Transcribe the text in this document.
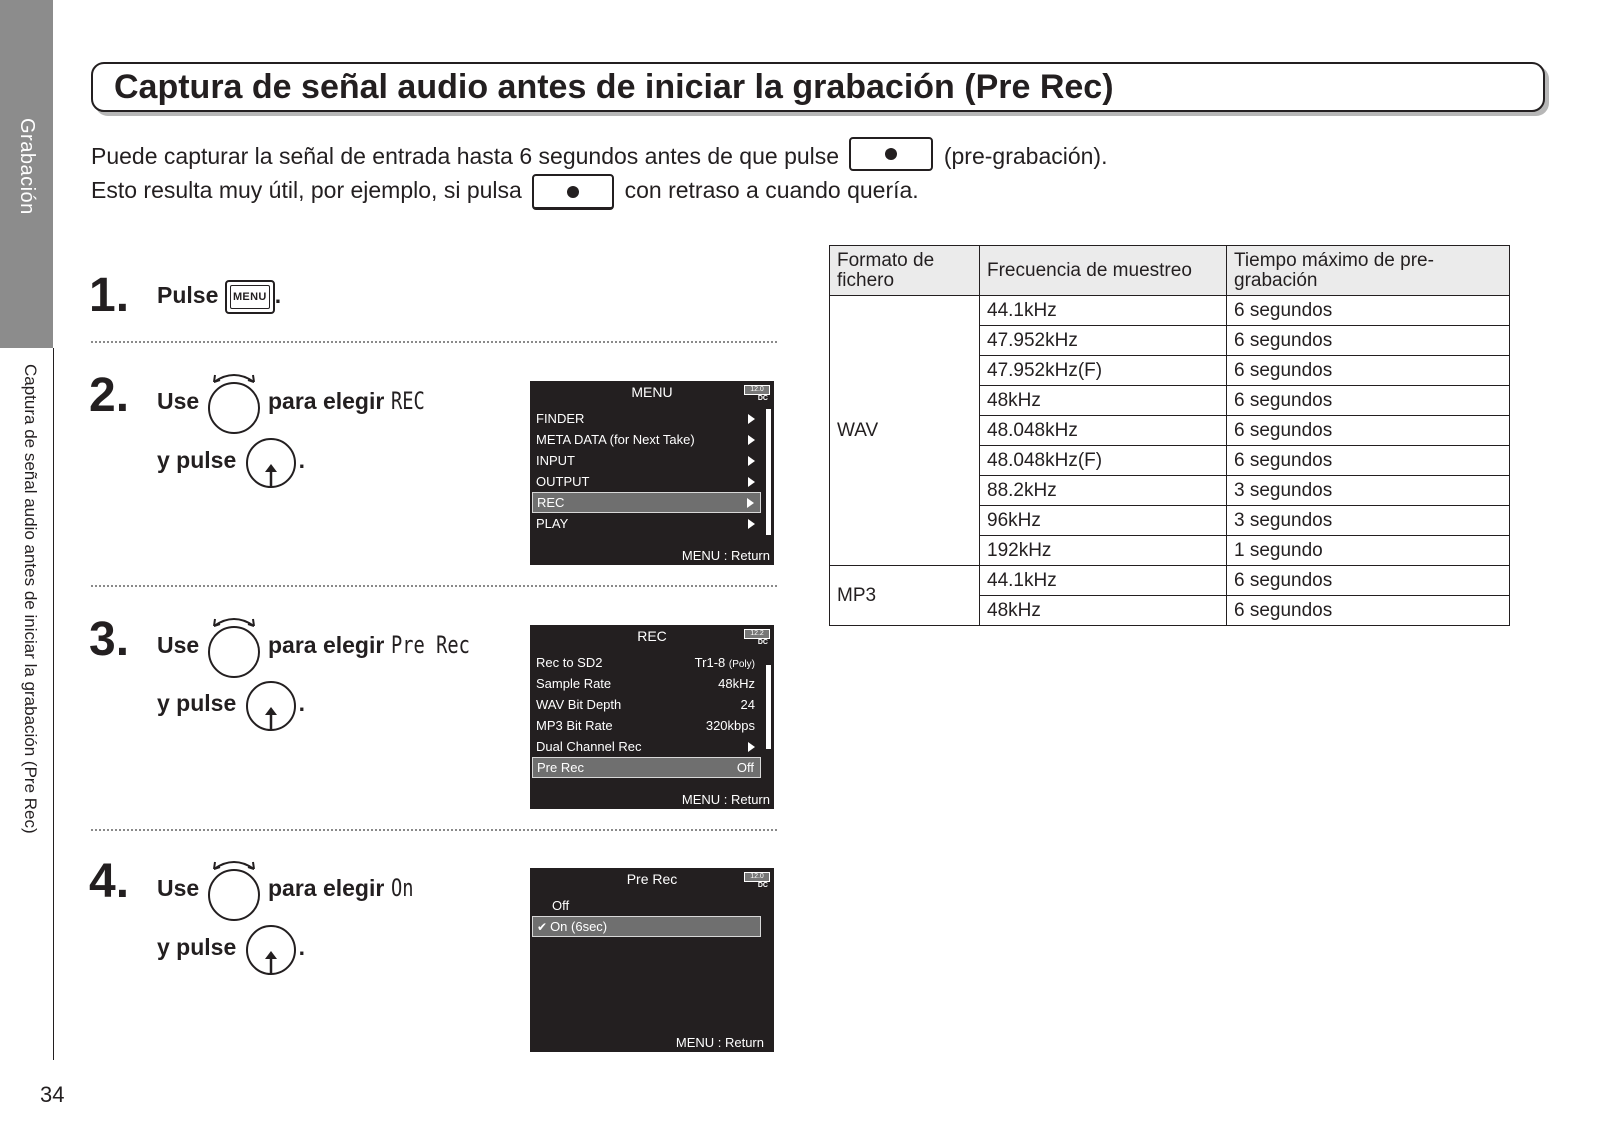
Grabación
Captura de señal audio antes de iniciar la grabación (Pre Rec)
34
Captura de señal audio antes de iniciar la grabación (Pre Rec)
Puede capturar la señal de entrada hasta 6 segundos antes de que pulse	(pre-grabación).
Esto resulta muy útil, por ejemplo, si pulsa	con retraso a cuando quería.
1. Pulse MENU .
2. Use	para elegir REC
y pulse	.
MENU	12.0
DC
FINDER
META DATA (for Next Take)
INPUT
OUTPUT
REC
PLAY
MENU : Return
3. Use	para elegir Pre Rec
y pulse	.
REC	12.2
DC
Rec to SD2	Tr1-8 (Poly)
Sample Rate	48kHz
WAV Bit Depth	24
MP3 Bit Rate	320kbps
Dual Channel Rec
Pre Rec	Off
MENU : Return
4. Use	para elegir On
y pulse	.
Pre Rec	12.0
DC
Off
✔ On (6sec)
MENU : Return
Formato de fichero	Frecuencia de muestreo	Tiempo máximo de pre-grabación
WAV	44.1kHz	6 segundos
	47.952kHz	6 segundos
	47.952kHz(F)	6 segundos
	48kHz	6 segundos
	48.048kHz	6 segundos
	48.048kHz(F)	6 segundos
	88.2kHz	3 segundos
	96kHz	3 segundos
	192kHz	1 segundo
MP3	44.1kHz	6 segundos
	48kHz	6 segundos
